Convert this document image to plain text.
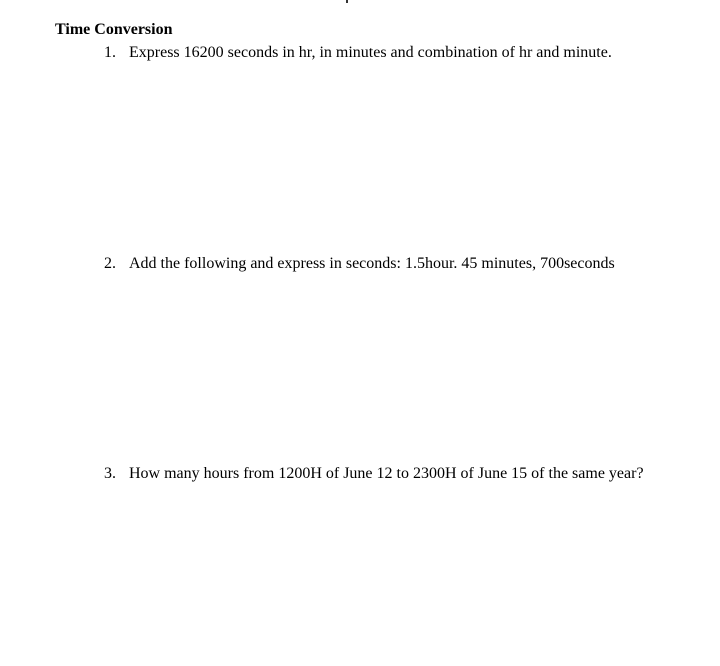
Time Conversion
1. Express 16200 seconds in hr, in minutes and combination of hr and minute.
2. Add the following and express in seconds: 1.5hour. 45 minutes, 700seconds
3. How many hours from 1200H of June 12 to 2300H of June 15 of the same year?
